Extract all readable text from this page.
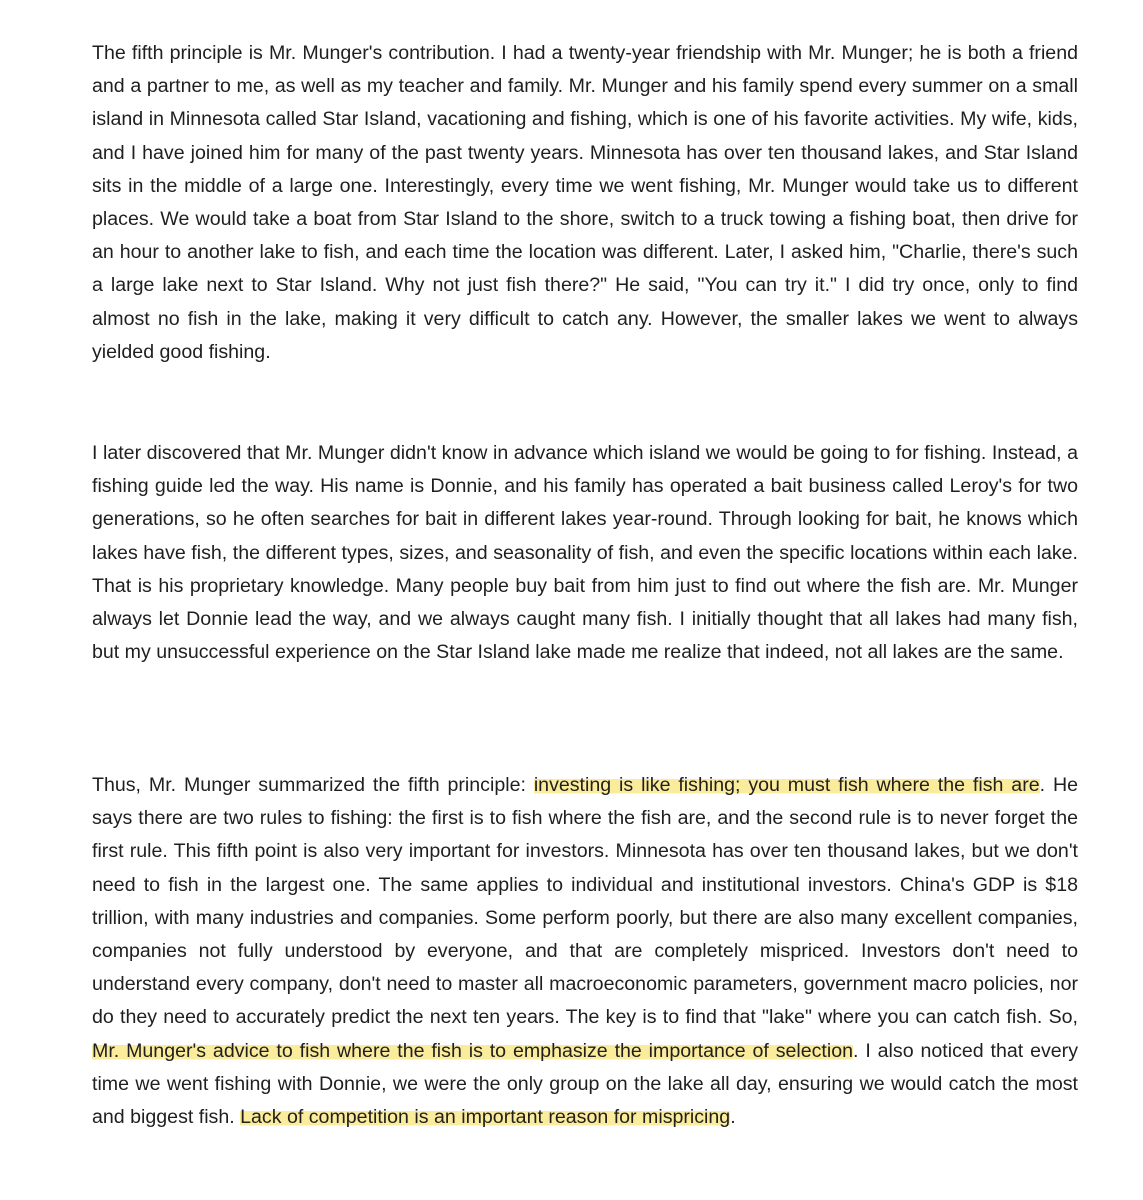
The fifth principle is Mr. Munger's contribution. I had a twenty-year friendship with Mr. Munger; he is both a friend and a partner to me, as well as my teacher and family. Mr. Munger and his family spend every summer on a small island in Minnesota called Star Island, vacationing and fishing, which is one of his favorite activities. My wife, kids, and I have joined him for many of the past twenty years. Minnesota has over ten thousand lakes, and Star Island sits in the middle of a large one. Interestingly, every time we went fishing, Mr. Munger would take us to different places. We would take a boat from Star Island to the shore, switch to a truck towing a fishing boat, then drive for an hour to another lake to fish, and each time the location was different. Later, I asked him, "Charlie, there's such a large lake next to Star Island. Why not just fish there?" He said, "You can try it." I did try once, only to find almost no fish in the lake, making it very difficult to catch any. However, the smaller lakes we went to always yielded good fishing.

I later discovered that Mr. Munger didn't know in advance which island we would be going to for fishing. Instead, a fishing guide led the way. His name is Donnie, and his family has operated a bait business called Leroy's for two generations, so he often searches for bait in different lakes year-round. Through looking for bait, he knows which lakes have fish, the different types, sizes, and seasonality of fish, and even the specific locations within each lake. That is his proprietary knowledge. Many people buy bait from him just to find out where the fish are. Mr. Munger always let Donnie lead the way, and we always caught many fish. I initially thought that all lakes had many fish, but my unsuccessful experience on the Star Island lake made me realize that indeed, not all lakes are the same.

Thus, Mr. Munger summarized the fifth principle: investing is like fishing; you must fish where the fish are. He says there are two rules to fishing: the first is to fish where the fish are, and the second rule is to never forget the first rule. This fifth point is also very important for investors. Minnesota has over ten thousand lakes, but we don't need to fish in the largest one. The same applies to individual and institutional investors. China's GDP is $18 trillion, with many industries and companies. Some perform poorly, but there are also many excellent companies, companies not fully understood by everyone, and that are completely mispriced. Investors don't need to understand every company, don't need to master all macroeconomic parameters, government macro policies, nor do they need to accurately predict the next ten years. The key is to find that "lake" where you can catch fish. So, Mr. Munger's advice to fish where the fish is to emphasize the importance of selection. I also noticed that every time we went fishing with Donnie, we were the only group on the lake all day, ensuring we would catch the most and biggest fish. Lack of competition is an important reason for mispricing.
